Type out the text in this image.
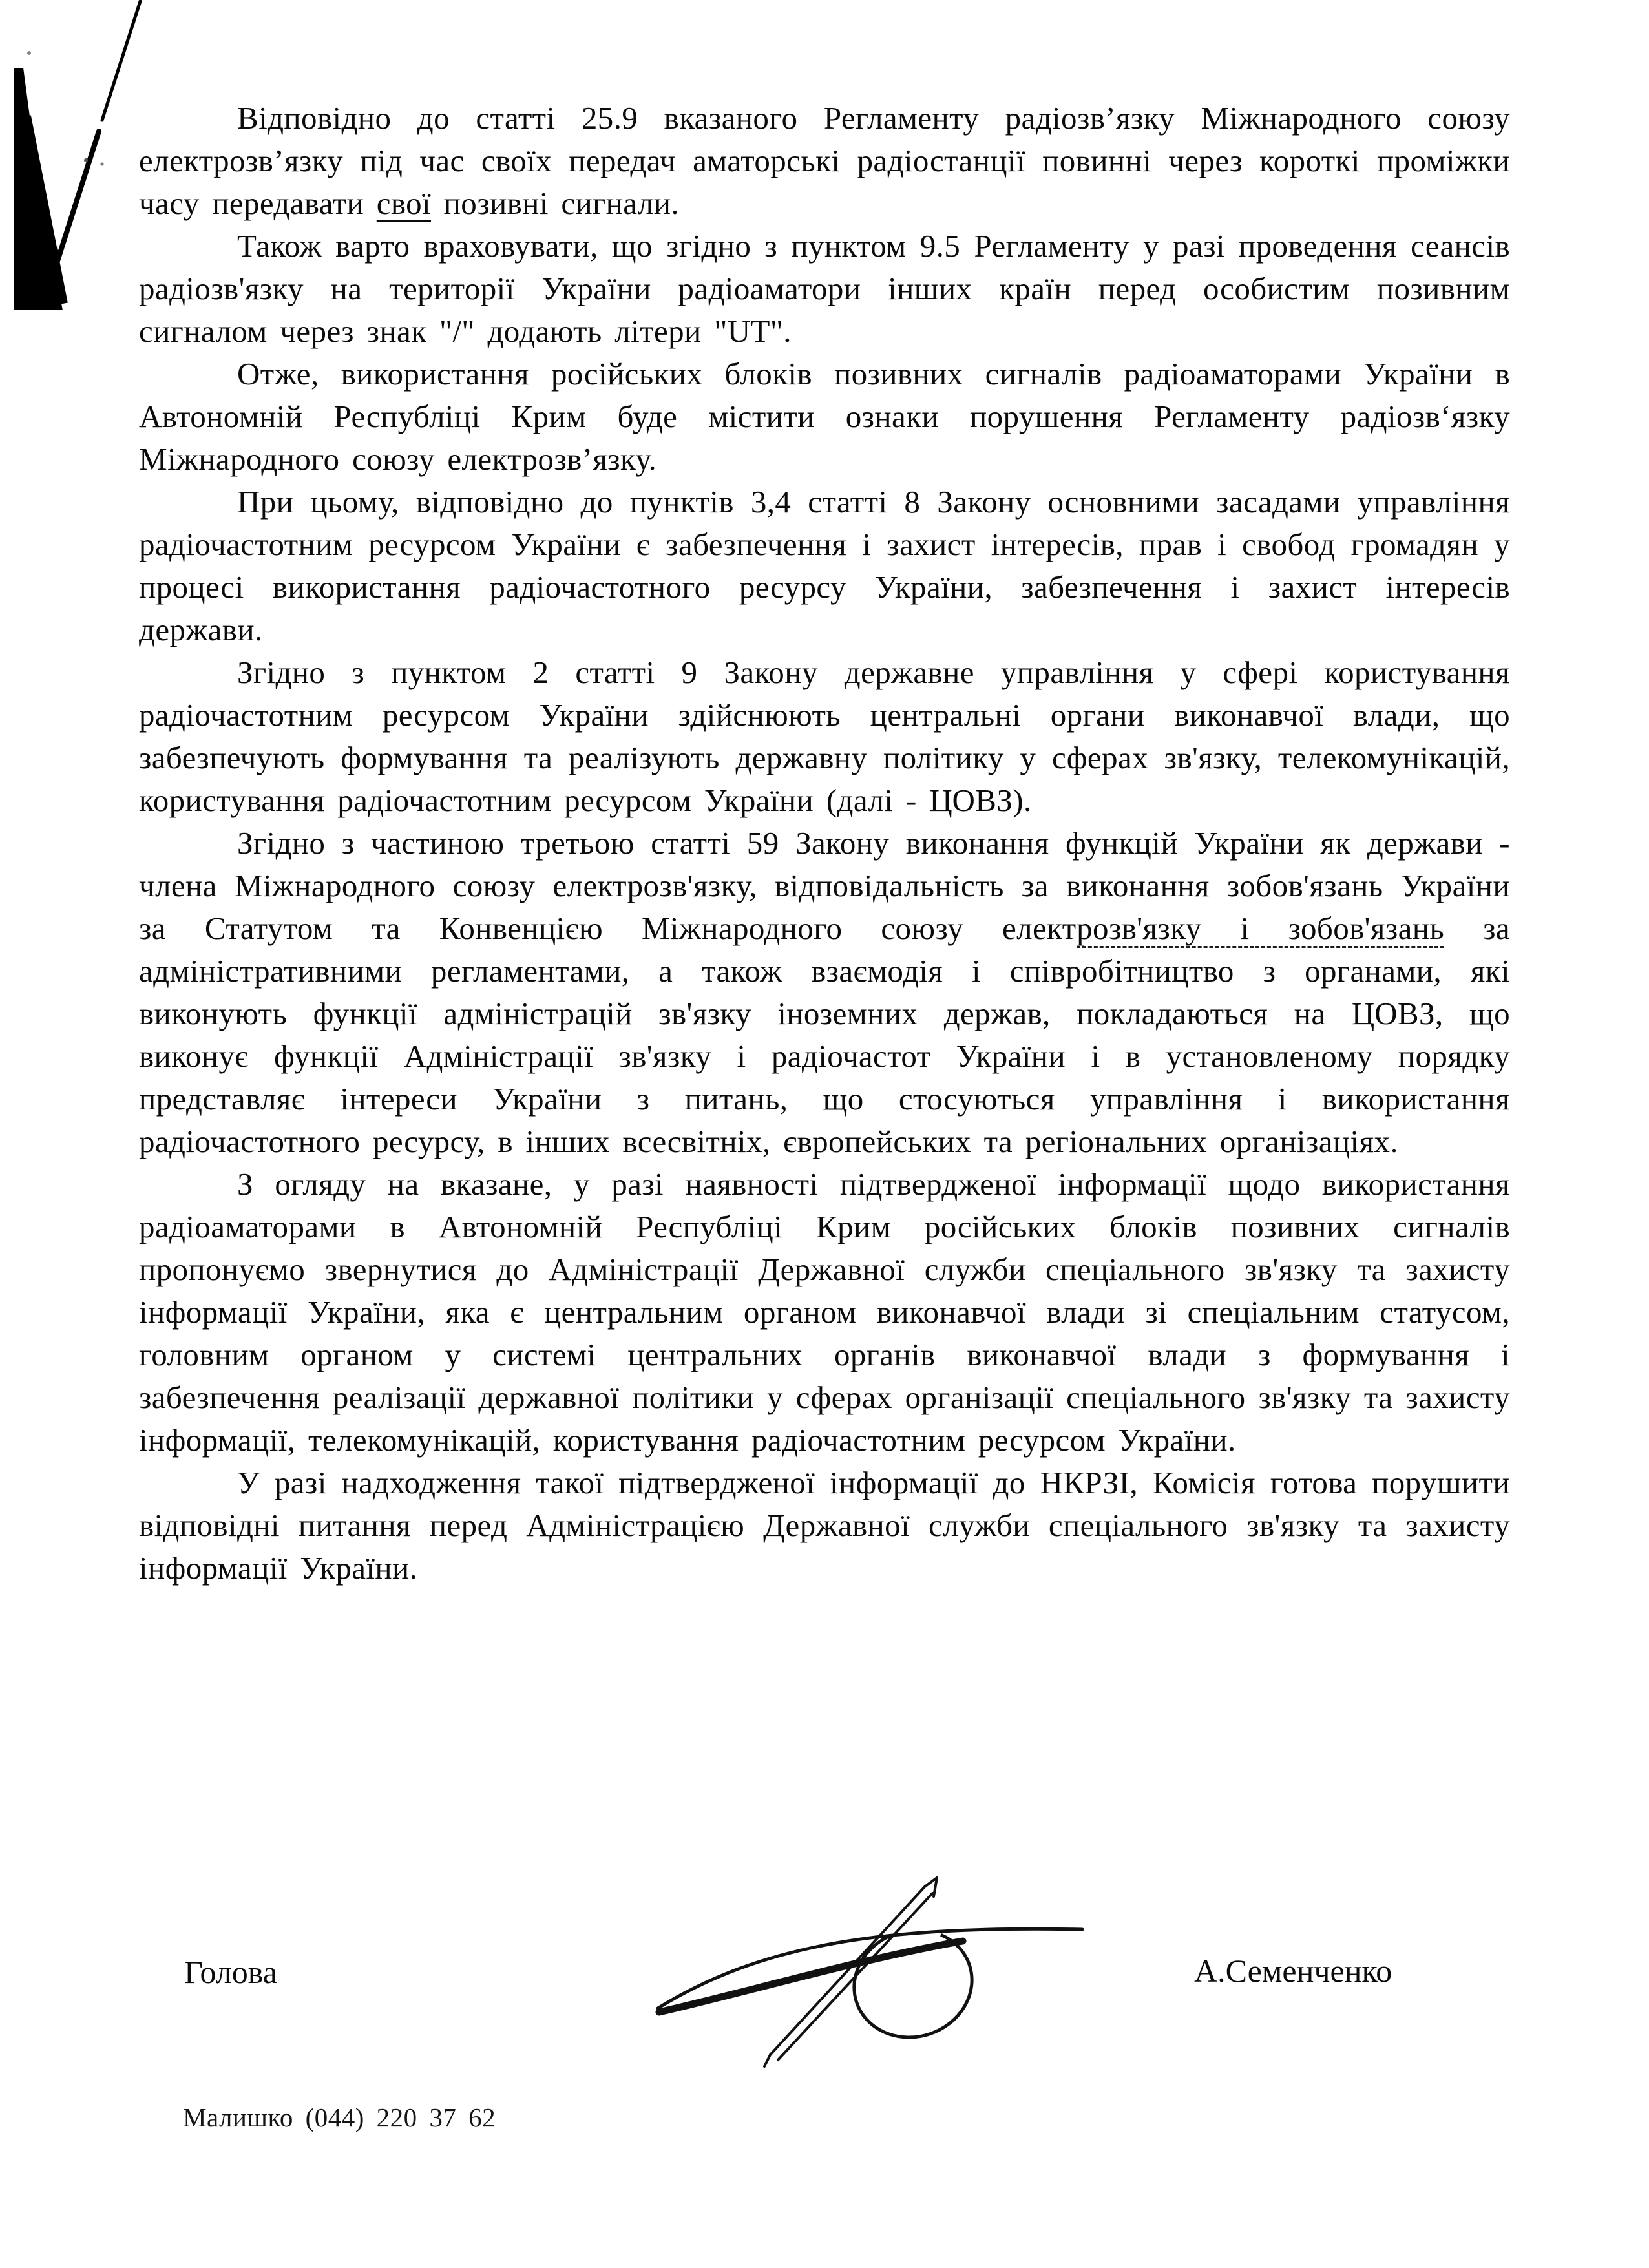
Відповідно до статті 25.9 вказаного Регламенту радіозв’язку Міжнародного союзу електрозв’язку під час своїх передач аматорські радіостанції повинні через короткі проміжки часу передавати свої позивні сигнали.

Також варто враховувати, що згідно з пунктом 9.5 Регламенту у разі проведення сеансів радіозв'язку на території України радіоаматори інших країн перед особистим позивним сигналом через знак "/" додають літери "UT".

Отже, використання російських блоків позивних сигналів радіоаматорами України в Автономній Республіці Крим буде містити ознаки порушення Регламенту радіозв‘язку Міжнародного союзу електрозв’язку.

При цьому, відповідно до пунктів 3,4 статті 8 Закону основними засадами управління радіочастотним ресурсом України є забезпечення і захист інтересів, прав і свобод громадян у процесі використання радіочастотного ресурсу України, забезпечення і захист інтересів держави.

Згідно з пунктом 2 статті 9 Закону державне управління у сфері користування радіочастотним ресурсом України здійснюють центральні органи виконавчої влади, що забезпечують формування та реалізують державну політику у сферах зв'язку, телекомунікацій, користування радіочастотним ресурсом України (далі - ЦОВЗ).

Згідно з частиною третьою статті 59 Закону виконання функцій України як держави - члена Міжнародного союзу електрозв'язку, відповідальність за виконання зобов'язань України за Статутом та Конвенцією Міжнародного союзу електрозв'язку і зобов'язань за адміністративними регламентами, а також взаємодія і співробітництво з органами, які виконують функції адміністрацій зв'язку іноземних держав, покладаються на ЦОВЗ, що виконує функції Адміністрації зв'язку і радіочастот України і в установленому порядку представляє інтереси України з питань, що стосуються управління і використання радіочастотного ресурсу, в інших всесвітніх, європейських та регіональних організаціях.

З огляду на вказане, у разі наявності підтвердженої інформації щодо використання радіоаматорами в Автономній Республіці Крим російських блоків позивних сигналів пропонуємо звернутися до Адміністрації Державної служби спеціального зв'язку та захисту інформації України, яка є центральним органом виконавчої влади зі спеціальним статусом, головним органом у системі центральних органів виконавчої влади з формування і забезпечення реалізації державної політики у сферах організації спеціального зв'язку та захисту інформації, телекомунікацій, користування радіочастотним ресурсом України.

У разі надходження такої підтвердженої інформації до НКРЗІ, Комісія готова порушити відповідні питання перед Адміністрацією Державної служби спеціального зв'язку та захисту інформації України.

Голова	А.Семенченко
Малишко (044) 220 37 62
